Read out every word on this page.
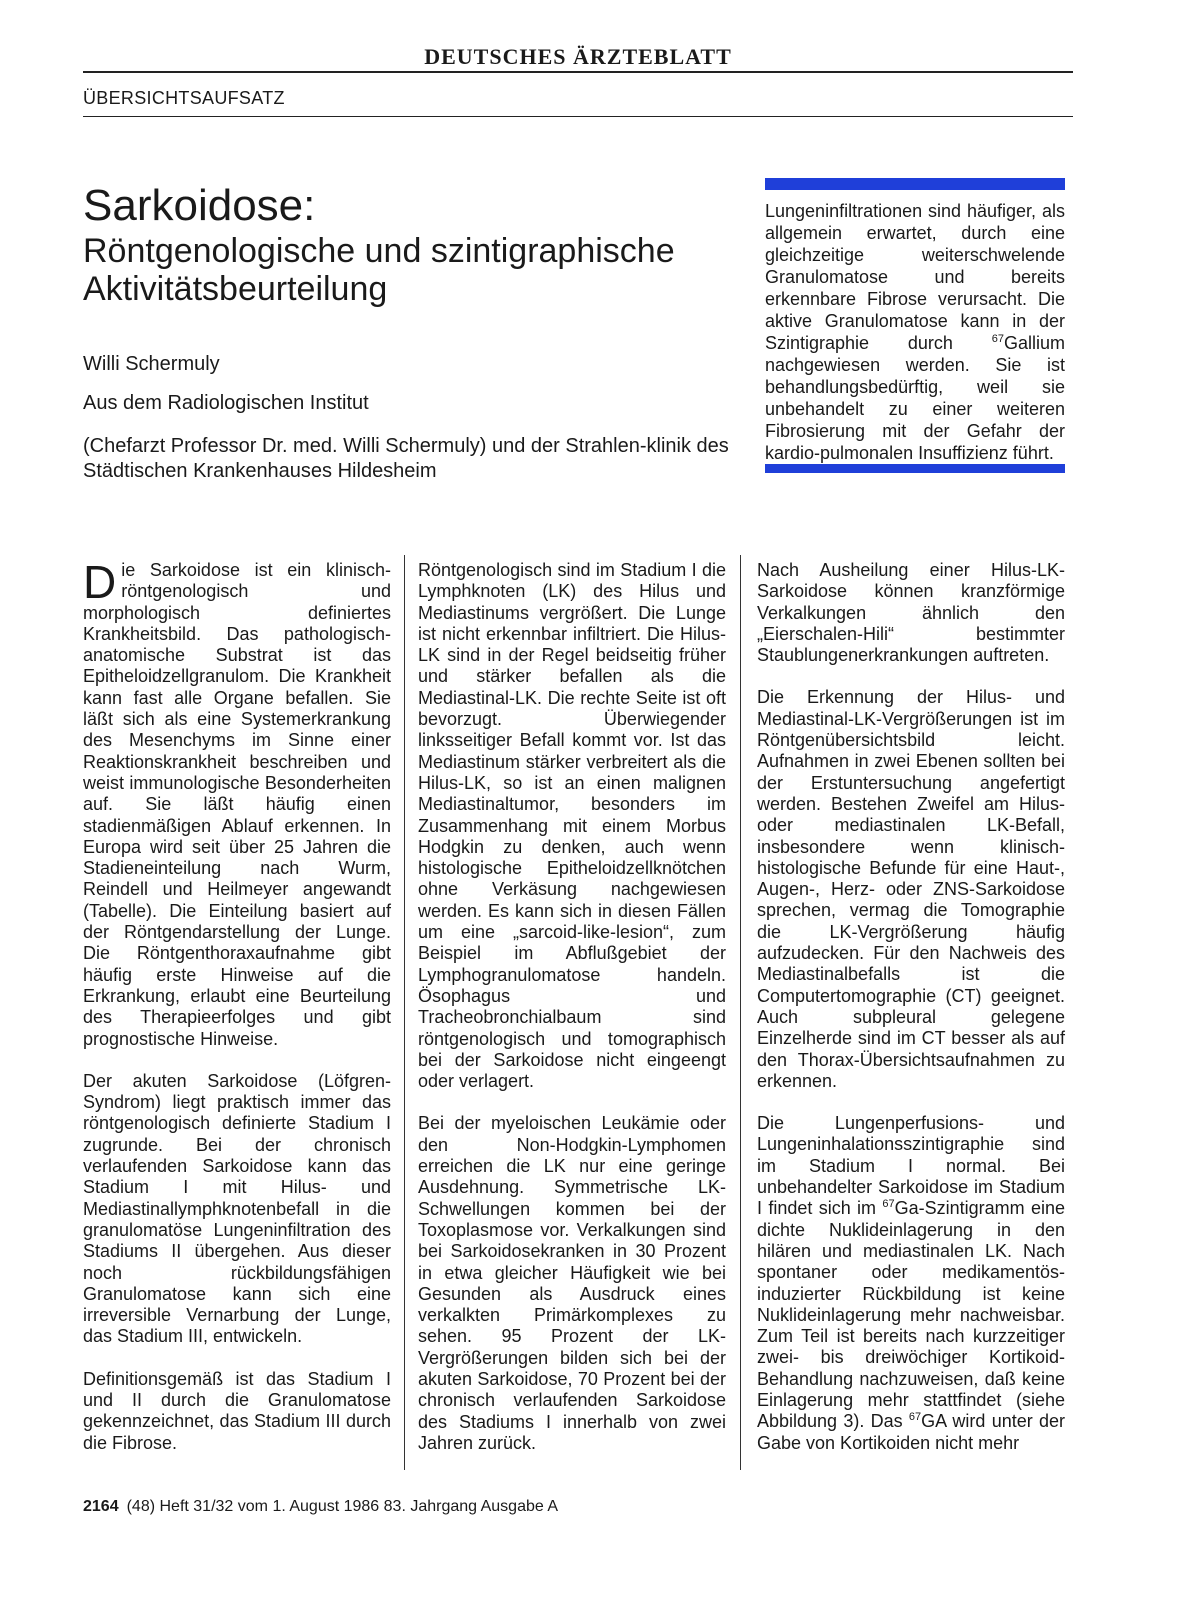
DEUTSCHES ÄRZTEBLATT
ÜBERSICHTSAUFSATZ
Sarkoidose:
Röntgenologische und szintigraphische Aktivitätsbeurteilung
Willi Schermuly
Aus dem Radiologischen Institut
(Chefarzt Professor Dr. med. Willi Schermuly) und der Strahlen-klinik des Städtischen Krankenhauses Hildesheim
Lungeninfiltrationen sind häufiger, als allgemein erwartet, durch eine gleichzeitige weiterschwelende Granulomatose und bereits erkennbare Fibrose verursacht. Die aktive Granulomatose kann in der Szintigraphie durch $^{67}$Gallium nachgewiesen werden. Sie ist behandlungsbedürftig, weil sie unbehandelt zu einer weiteren Fibrosierung mit der Gefahr der kardio-pulmonalen Insuffizienz führt.

Die Sarkoidose ist ein klinisch-röntgenologisch und morphologisch definiertes Krankheitsbild. Das pathologisch-anatomische Substrat ist das Epitheloidzellgranulom. Die Krankheit kann fast alle Organe befallen. Sie läßt sich als eine Systemerkrankung des Mesenchyms im Sinne einer Reaktionskrankheit beschreiben und weist immunologische Besonderheiten auf. Sie läßt häufig einen stadienmäßigen Ablauf erkennen. In Europa wird seit über 25 Jahren die Stadieneinteilung nach Wurm, Reindell und Heilmeyer angewandt (Tabelle). Die Einteilung basiert auf der Röntgendarstellung der Lunge. Die Röntgenthoraxaufnahme gibt häufig erste Hinweise auf die Erkrankung, erlaubt eine Beurteilung des Therapieerfolges und gibt prognostische Hinweise.

Der akuten Sarkoidose (Löfgren-Syndrom) liegt praktisch immer das röntgenologisch definierte Stadium I zugrunde. Bei der chronisch verlaufenden Sarkoidose kann das Stadium I mit Hilus- und Mediastinallymphknotenbefall in die granulomatöse Lungeninfiltration des Stadiums II übergehen. Aus dieser noch rückbildungsfähigen Granulomatose kann sich eine irreversible Vernarbung der Lunge, das Stadium III, entwickeln.

Definitionsgemäß ist das Stadium I und II durch die Granulomatose gekennzeichnet, das Stadium III durch die Fibrose.

Röntgenologisch sind im Stadium I die Lymphknoten (LK) des Hilus und Mediastinums vergrößert. Die Lunge ist nicht erkennbar infiltriert. Die Hilus-LK sind in der Regel beidseitig früher und stärker befallen als die Mediastinal-LK. Die rechte Seite ist oft bevorzugt. Überwiegender linksseitiger Befall kommt vor. Ist das Mediastinum stärker verbreitert als die Hilus-LK, so ist an einen malignen Mediastinaltumor, besonders im Zusammenhang mit einem Morbus Hodgkin zu denken, auch wenn histologische Epitheloidzellknötchen ohne Verkäsung nachgewiesen werden. Es kann sich in diesen Fällen um eine „sarcoid-like-lesion“, zum Beispiel im Abflußgebiet der Lymphogranulomatose handeln. Ösophagus und Tracheobronchialbaum sind röntgenologisch und tomographisch bei der Sarkoidose nicht eingeengt oder verlagert.

Bei der myeloischen Leukämie oder den Non-Hodgkin-Lymphomen erreichen die LK nur eine geringe Ausdehnung. Symmetrische LK-Schwellungen kommen bei der Toxoplasmose vor. Verkalkungen sind bei Sarkoidosekranken in 30 Prozent in etwa gleicher Häufigkeit wie bei Gesunden als Ausdruck eines verkalkten Primärkomplexes zu sehen. 95 Prozent der LK-Vergrößerungen bilden sich bei der akuten Sarkoidose, 70 Prozent bei der chronisch verlaufenden Sarkoidose des Stadiums I innerhalb von zwei Jahren zurück.

Nach Ausheilung einer Hilus-LK-Sarkoidose können kranzförmige Verkalkungen ähnlich den „Eierschalen-Hili“ bestimmter Staublungenerkrankungen auftreten.

Die Erkennung der Hilus- und Mediastinal-LK-Vergrößerungen ist im Röntgenübersichtsbild leicht. Aufnahmen in zwei Ebenen sollten bei der Erstuntersuchung angefertigt werden. Bestehen Zweifel am Hilus- oder mediastinalen LK-Befall, insbesondere wenn klinisch-histologische Befunde für eine Haut-, Augen-, Herz- oder ZNS-Sarkoidose sprechen, vermag die Tomographie die LK-Vergrößerung häufig aufzudecken. Für den Nachweis des Mediastinalbefalls ist die Computertomographie (CT) geeignet. Auch subpleural gelegene Einzelherde sind im CT besser als auf den Thorax-Übersichtsaufnahmen zu erkennen.

Die Lungenperfusions- und Lungeninhalationsszintigraphie sind im Stadium I normal. Bei unbehandelter Sarkoidose im Stadium I findet sich im $^{67}$Ga-Szintigramm eine dichte Nuklideinlagerung in den hilären und mediastinalen LK. Nach spontaner oder medikamentös-induzierter Rückbildung ist keine Nuklideinlagerung mehr nachweisbar. Zum Teil ist bereits nach kurzzeitiger zwei- bis dreiwöchiger Kortikoid-Behandlung nachzuweisen, daß keine Einlagerung mehr stattfindet (siehe Abbildung 3). Das $^{67}$GA wird unter der Gabe von Kortikoiden nicht mehr

2164 (48) Heft 31/32 vom 1. August 1986 83. Jahrgang Ausgabe A
